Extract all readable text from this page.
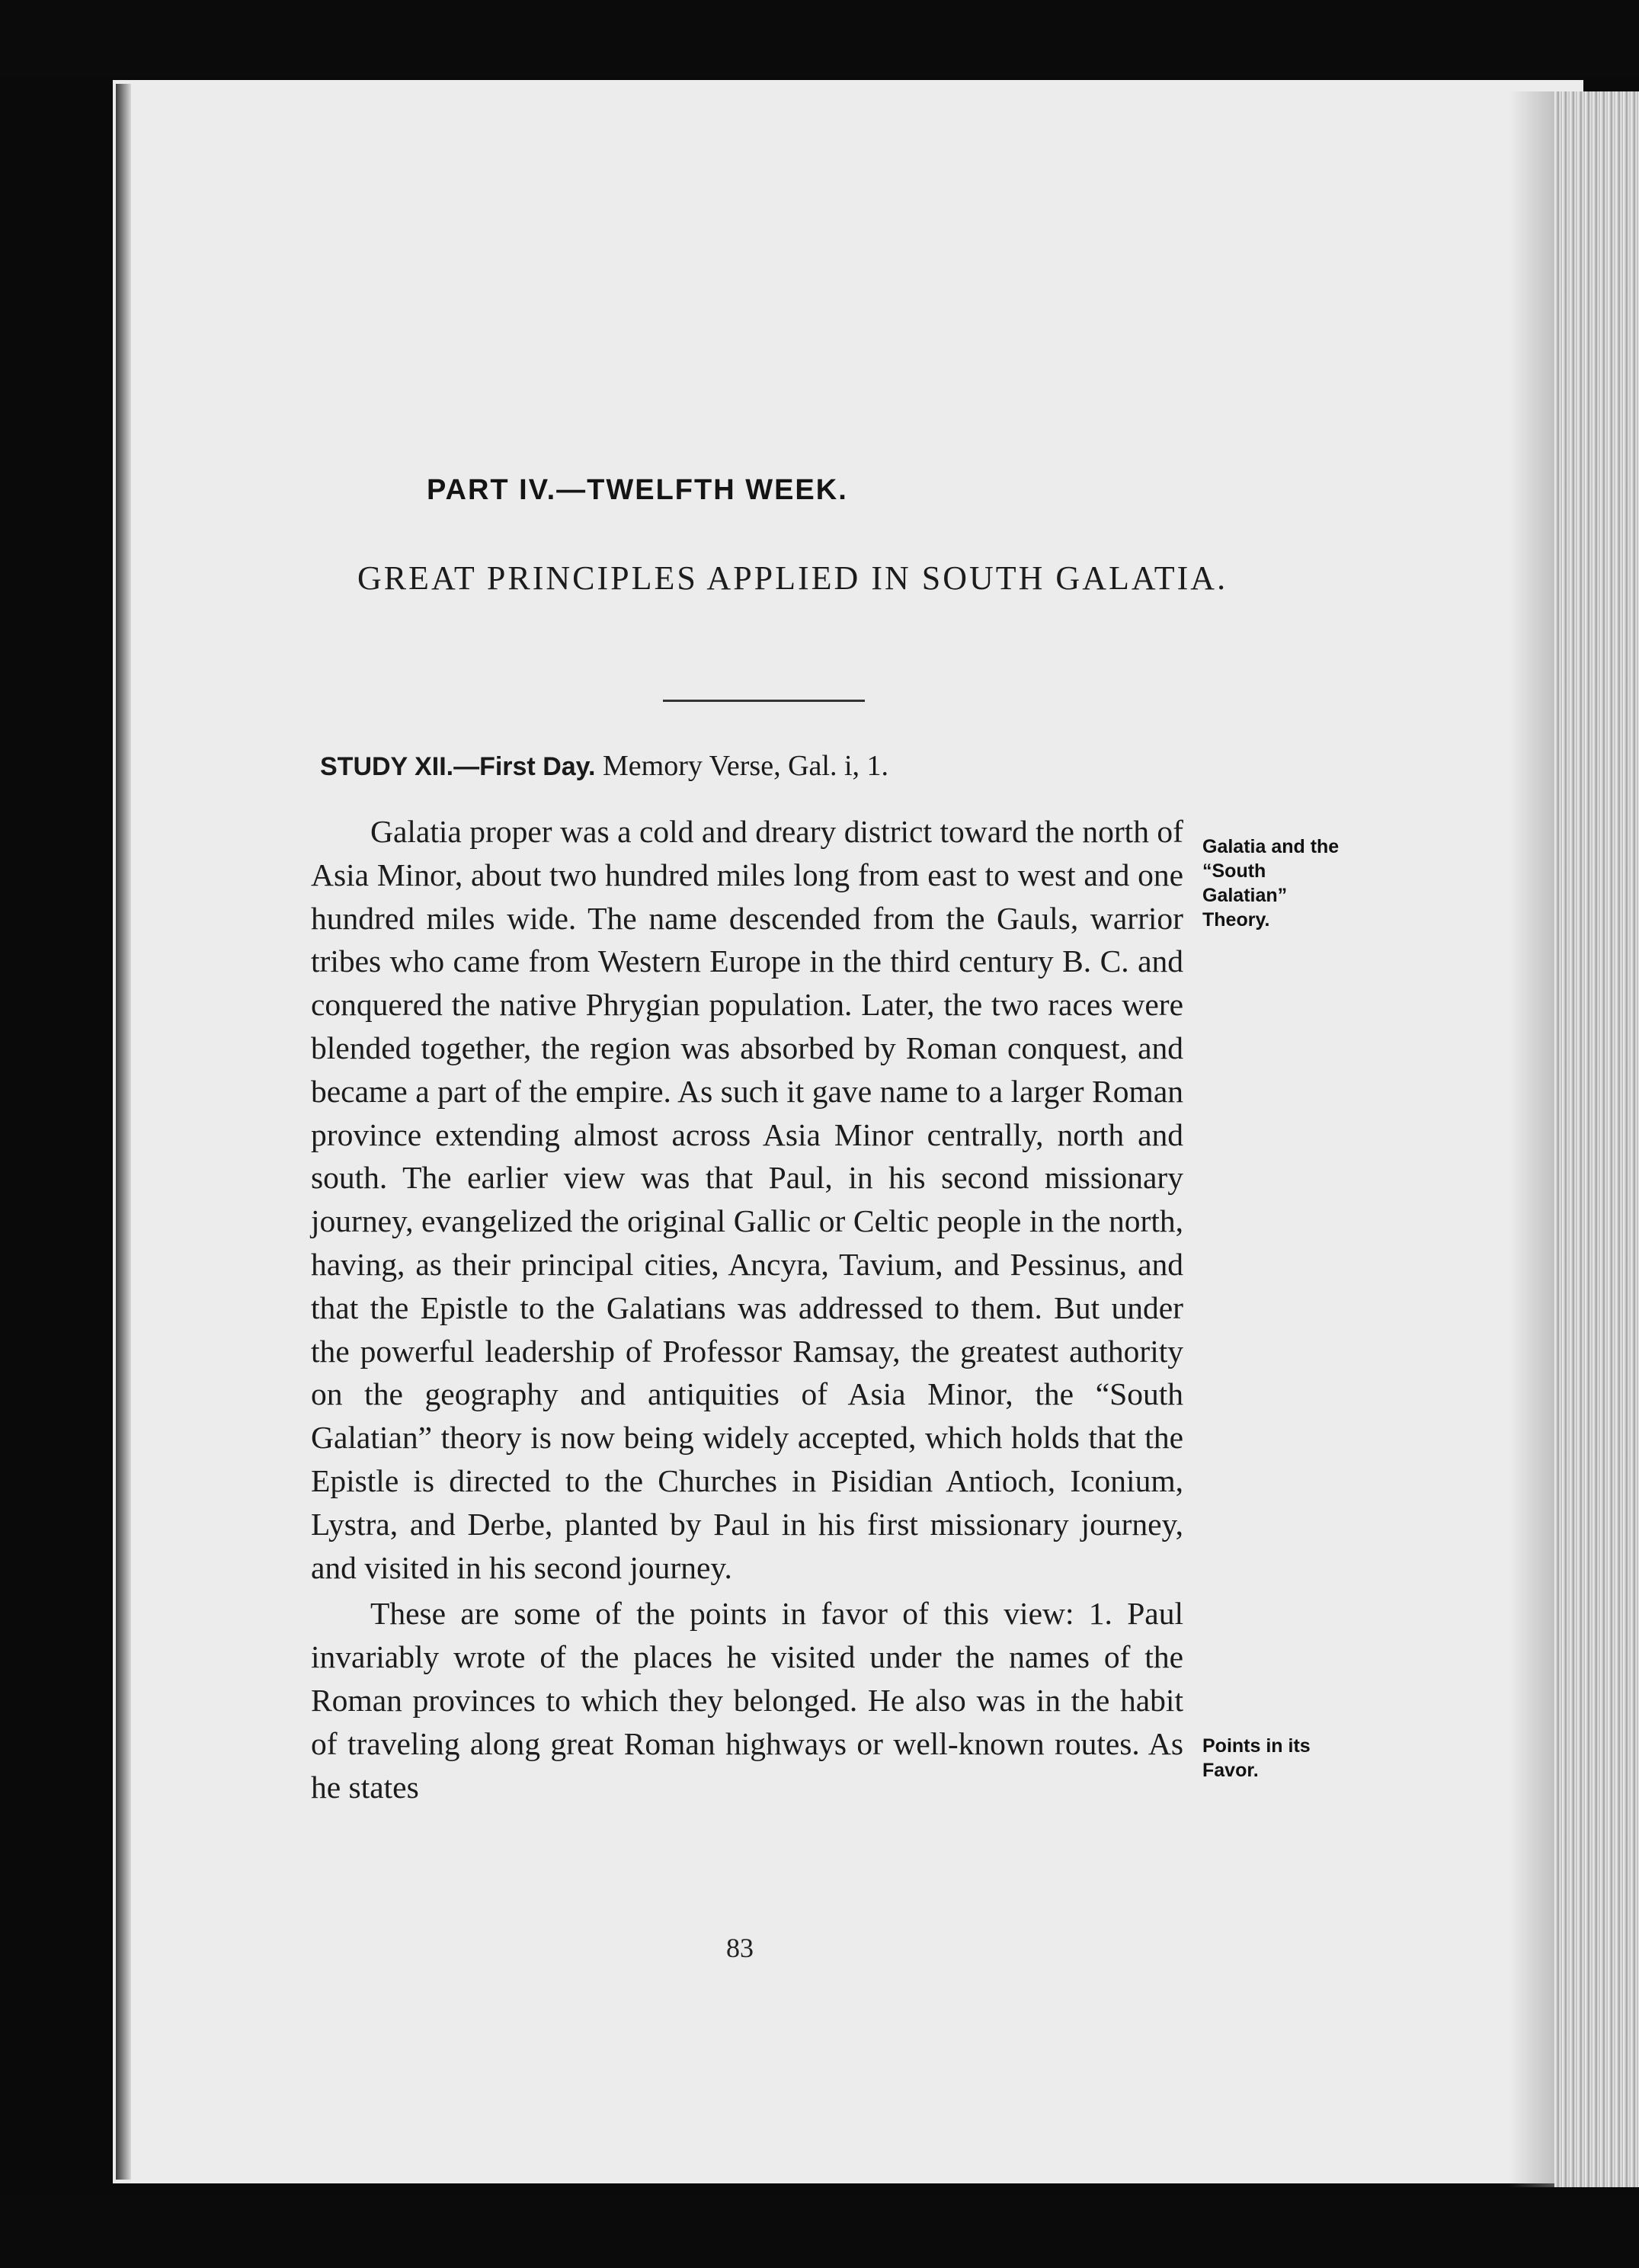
PART IV.—TWELFTH WEEK.
GREAT PRINCIPLES APPLIED IN SOUTH GALATIA.
STUDY XII.—First Day. Memory Verse, Gal. i, 1.

Galatia proper was a cold and dreary district toward the north of Asia Minor, about two hundred miles long from east to west and one hundred miles wide. The name descended from the Gauls, warrior tribes who came from Western Europe in the third century B. C. and conquered the native Phrygian population. Later, the two races were blended together, the region was absorbed by Roman conquest, and became a part of the empire. As such it gave name to a larger Roman province extending almost across Asia Minor centrally, north and south. The earlier view was that Paul, in his second missionary journey, evangelized the original Gallic or Celtic people in the north, having, as their principal cities, Ancyra, Tavium, and Pessinus, and that the Epistle to the Galatians was addressed to them. But under the powerful leadership of Professor Ramsay, the greatest authority on the geography and antiquities of Asia Minor, the “South Galatian” theory is now being widely accepted, which holds that the Epistle is directed to the Churches in Pisidian Antioch, Iconium, Lystra, and Derbe, planted by Paul in his first missionary journey, and visited in his second journey.

These are some of the points in favor of this view: 1. Paul invariably wrote of the places he visited under the names of the Roman provinces to which they belonged. He also was in the habit of traveling along great Roman highways or well-known routes. As he states

Galatia and the “South Galatian” Theory.
Points in its Favor.
83
